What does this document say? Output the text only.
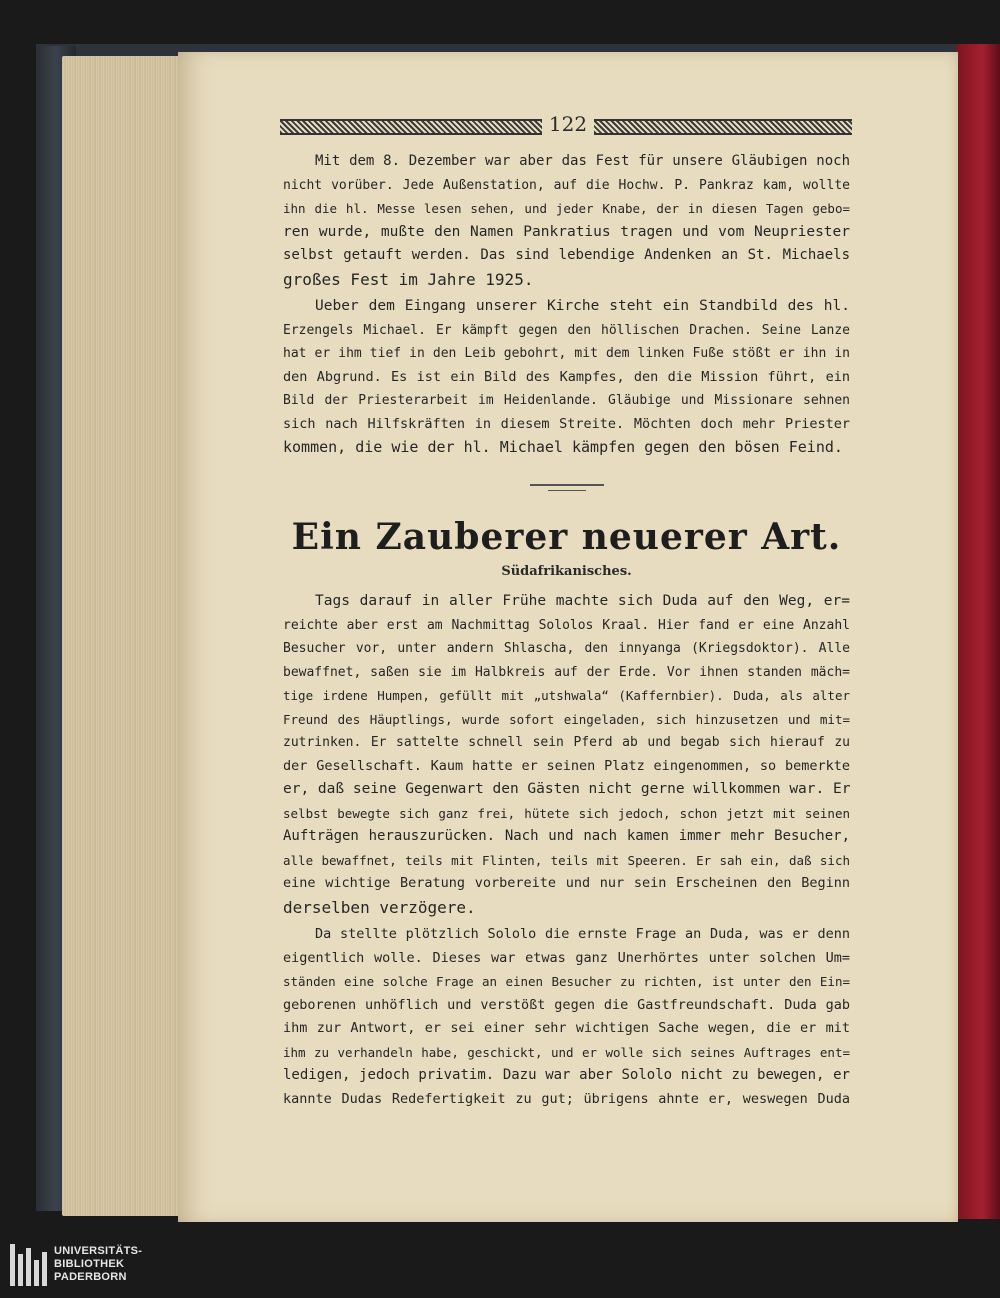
122
Mit dem 8. Dezember war aber das Fest für unsere Gläubigen noch
nicht vorüber. Jede Außenstation, auf die Hochw. P. Pankraz kam, wollte
ihn die hl. Messe lesen sehen, und jeder Knabe, der in diesen Tagen gebo=
ren wurde, mußte den Namen Pankratius tragen und vom Neupriester
selbst getauft werden. Das sind lebendige Andenken an St. Michaels
großes Fest im Jahre 1925.
Ueber dem Eingang unserer Kirche steht ein Standbild des hl.
Erzengels Michael. Er kämpft gegen den höllischen Drachen. Seine Lanze
hat er ihm tief in den Leib gebohrt, mit dem linken Fuße stößt er ihn in
den Abgrund. Es ist ein Bild des Kampfes, den die Mission führt, ein
Bild der Priesterarbeit im Heidenlande. Gläubige und Missionare sehnen
sich nach Hilfskräften in diesem Streite. Möchten doch mehr Priester
kommen, die wie der hl. Michael kämpfen gegen den bösen Feind.
Ein Zauberer neuerer Art.
Südafrikanisches.
Tags darauf in aller Frühe machte sich Duda auf den Weg, er=
reichte aber erst am Nachmittag Sololos Kraal. Hier fand er eine Anzahl
Besucher vor, unter andern Shlascha, den innyanga (Kriegsdoktor). Alle
bewaffnet, saßen sie im Halbkreis auf der Erde. Vor ihnen standen mäch=
tige irdene Humpen, gefüllt mit „utshwala“ (Kaffernbier). Duda, als alter
Freund des Häuptlings, wurde sofort eingeladen, sich hinzusetzen und mit=
zutrinken. Er sattelte schnell sein Pferd ab und begab sich hierauf zu
der Gesellschaft. Kaum hatte er seinen Platz eingenommen, so bemerkte
er, daß seine Gegenwart den Gästen nicht gerne willkommen war. Er
selbst bewegte sich ganz frei, hütete sich jedoch, schon jetzt mit seinen
Aufträgen herauszurücken. Nach und nach kamen immer mehr Besucher,
alle bewaffnet, teils mit Flinten, teils mit Speeren. Er sah ein, daß sich
eine wichtige Beratung vorbereite und nur sein Erscheinen den Beginn
derselben verzögere.
Da stellte plötzlich Sololo die ernste Frage an Duda, was er denn
eigentlich wolle. Dieses war etwas ganz Unerhörtes unter solchen Um=
ständen eine solche Frage an einen Besucher zu richten, ist unter den Ein=
geborenen unhöflich und verstößt gegen die Gastfreundschaft. Duda gab
ihm zur Antwort, er sei einer sehr wichtigen Sache wegen, die er mit
ihm zu verhandeln habe, geschickt, und er wolle sich seines Auftrages ent=
ledigen, jedoch privatim. Dazu war aber Sololo nicht zu bewegen, er
kannte Dudas Redefertigkeit zu gut; übrigens ahnte er, weswegen Duda
UNIVERSITÄTS-
BIBLIOTHEK
PADERBORN
